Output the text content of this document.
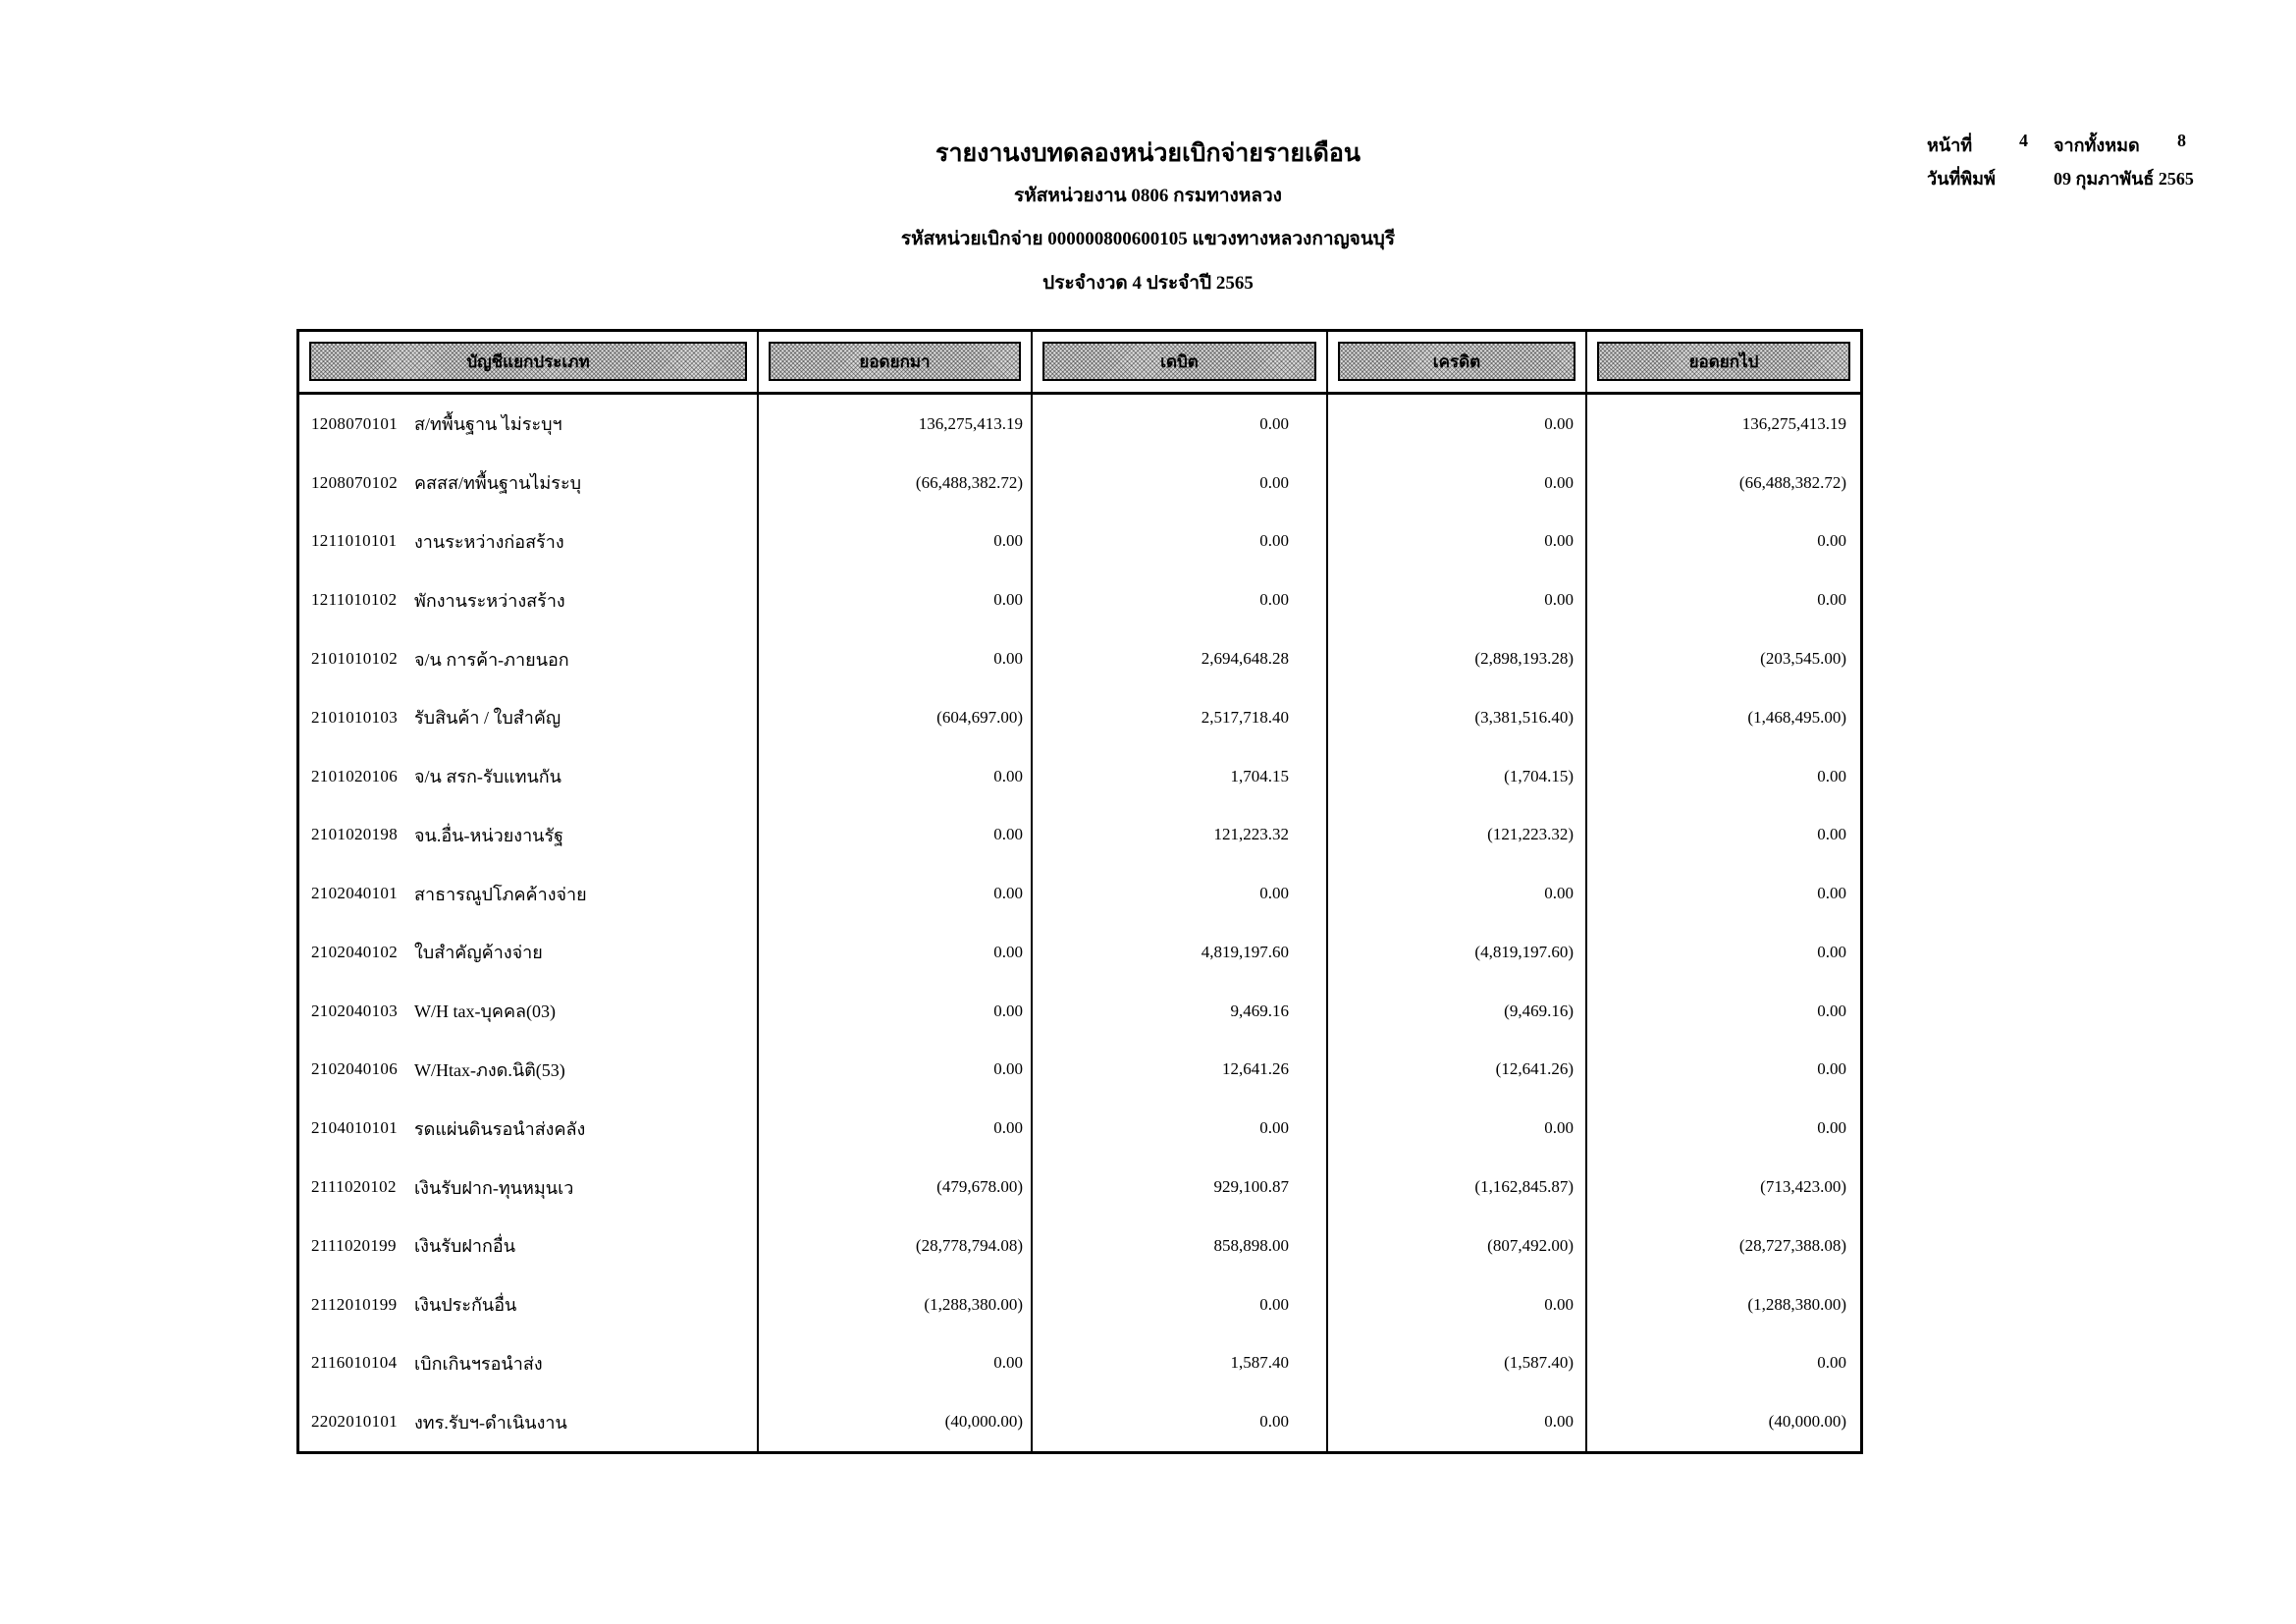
รายงานงบทดลองหน่วยเบิกจ่ายรายเดือน
รหัสหน่วยงาน 0806 กรมทางหลวง
รหัสหน่วยเบิกจ่าย 000000800600105 แขวงทางหลวงกาญจนบุรี
ประจำงวด 4 ประจำปี 2565
หน้าที่	4 จากทั้งหมด 8
วันที่พิมพ์	09 กุมภาพันธ์ 2565
บัญชีแยกประเภท	ยอดยกมา	เดบิต	เครดิต	ยอดยกไป
1208070101 ส/ทพื้นฐาน ไม่ระบุฯ	136,275,413.19	0.00	0.00	136,275,413.19
1208070102 คสสส/ทพื้นฐานไม่ระบุ	(66,488,382.72)	0.00	0.00	(66,488,382.72)
1211010101 งานระหว่างก่อสร้าง	0.00	0.00	0.00	0.00
1211010102 พักงานระหว่างสร้าง	0.00	0.00	0.00	0.00
2101010102 จ/น การค้า-ภายนอก	0.00	2,694,648.28	(2,898,193.28)	(203,545.00)
2101010103 รับสินค้า / ใบสำคัญ	(604,697.00)	2,517,718.40	(3,381,516.40)	(1,468,495.00)
2101020106 จ/น สรก-รับแทนกัน	0.00	1,704.15	(1,704.15)	0.00
2101020198 จน.อื่น-หน่วยงานรัฐ	0.00	121,223.32	(121,223.32)	0.00
2102040101 สาธารณูปโภคค้างจ่าย	0.00	0.00	0.00	0.00
2102040102 ใบสำคัญค้างจ่าย	0.00	4,819,197.60	(4,819,197.60)	0.00
2102040103 W/H tax-บุคคล(03)	0.00	9,469.16	(9,469.16)	0.00
2102040106 W/Htax-ภงด.นิติ(53)	0.00	12,641.26	(12,641.26)	0.00
2104010101 รดแผ่นดินรอนำส่งคลัง	0.00	0.00	0.00	0.00
2111020102 เงินรับฝาก-ทุนหมุนเว	(479,678.00)	929,100.87	(1,162,845.87)	(713,423.00)
2111020199 เงินรับฝากอื่น	(28,778,794.08)	858,898.00	(807,492.00)	(28,727,388.08)
2112010199 เงินประกันอื่น	(1,288,380.00)	0.00	0.00	(1,288,380.00)
2116010104 เบิกเกินฯรอนำส่ง	0.00	1,587.40	(1,587.40)	0.00
2202010101 งทร.รับฯ-ดำเนินงาน	(40,000.00)	0.00	0.00	(40,000.00)
